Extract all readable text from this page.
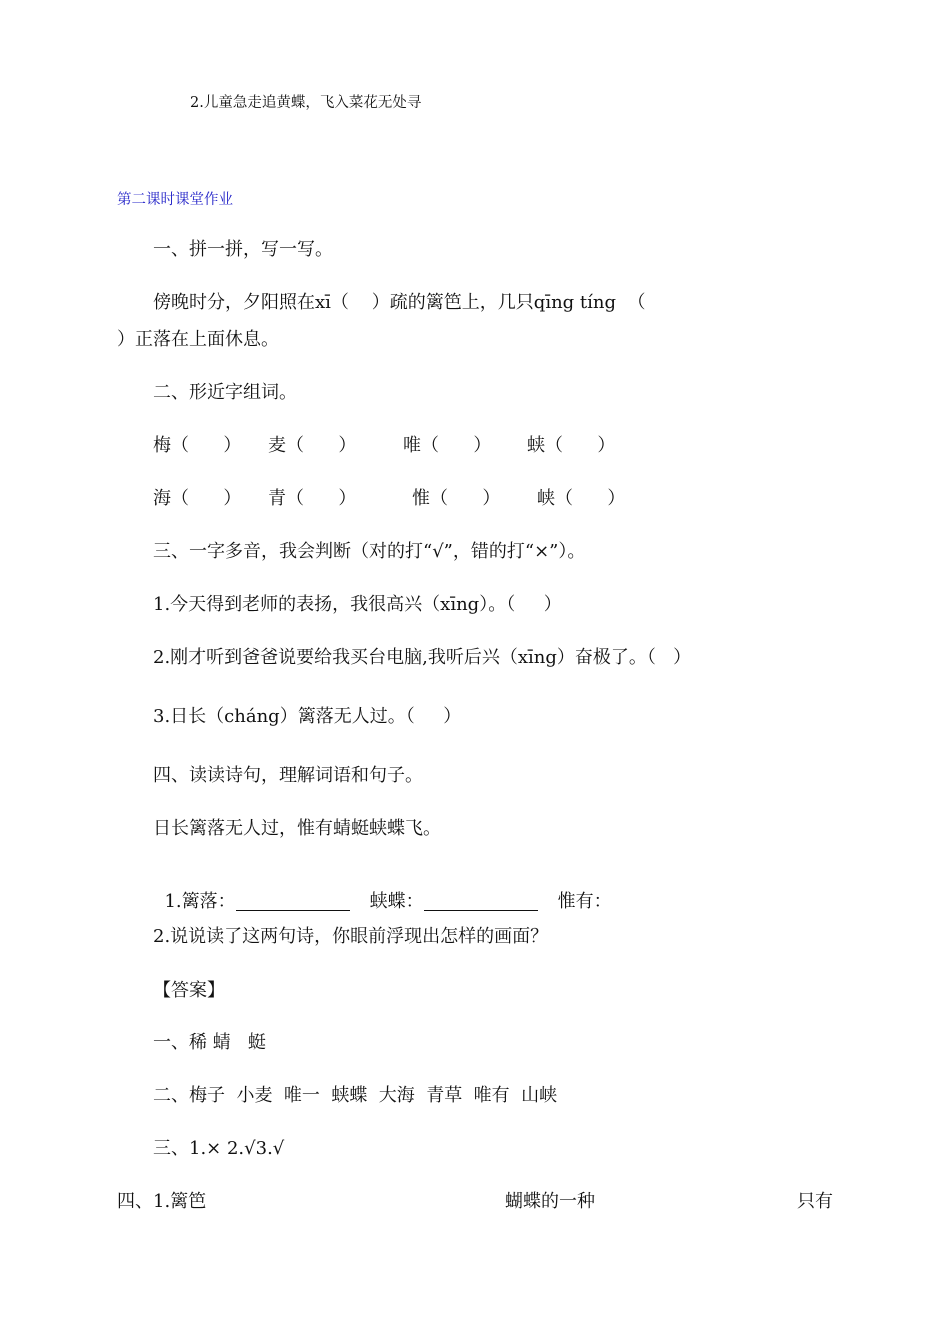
2.儿童急走追黄蝶，飞入菜花无处寻
第二课时课堂作业
一、拼一拼，写一写。
傍晚时分，夕阳照在xī（    ）疏的篱笆上，几只qīng tíng  （
）正落在上面休息。
二、形近字组词。
梅（      ） 麦（      ）	唯（      ） 蛱（      ）
海（      ） 青（      ）	惟（      ） 峡（      ）
三、一字多音，我会判断（对的打“√”，错的打“×”）。
1.今天得到老师的表扬，我很高兴（xīng）。（     ）
2.刚才听到爸爸说要给我买台电脑,我听后兴（xīng）奋极了。（   ）
3.日长（cháng）篱落无人过。（     ）
四、读读诗句，理解词语和句子。
日长篱落无人过，惟有蜻蜓蛱蝶飞。

1.篱落：	蛱蝶：	惟有：

2.说说读了这两句诗，你眼前浮现出怎样的画面？
【答案】
一、稀 蜻   蜓
二、梅子  小麦  唯一  蛱蝶  大海  青草  唯有  山峡
三、1.× 2.√3.√
四、1.篱笆	蝴蝶的一种	只有
